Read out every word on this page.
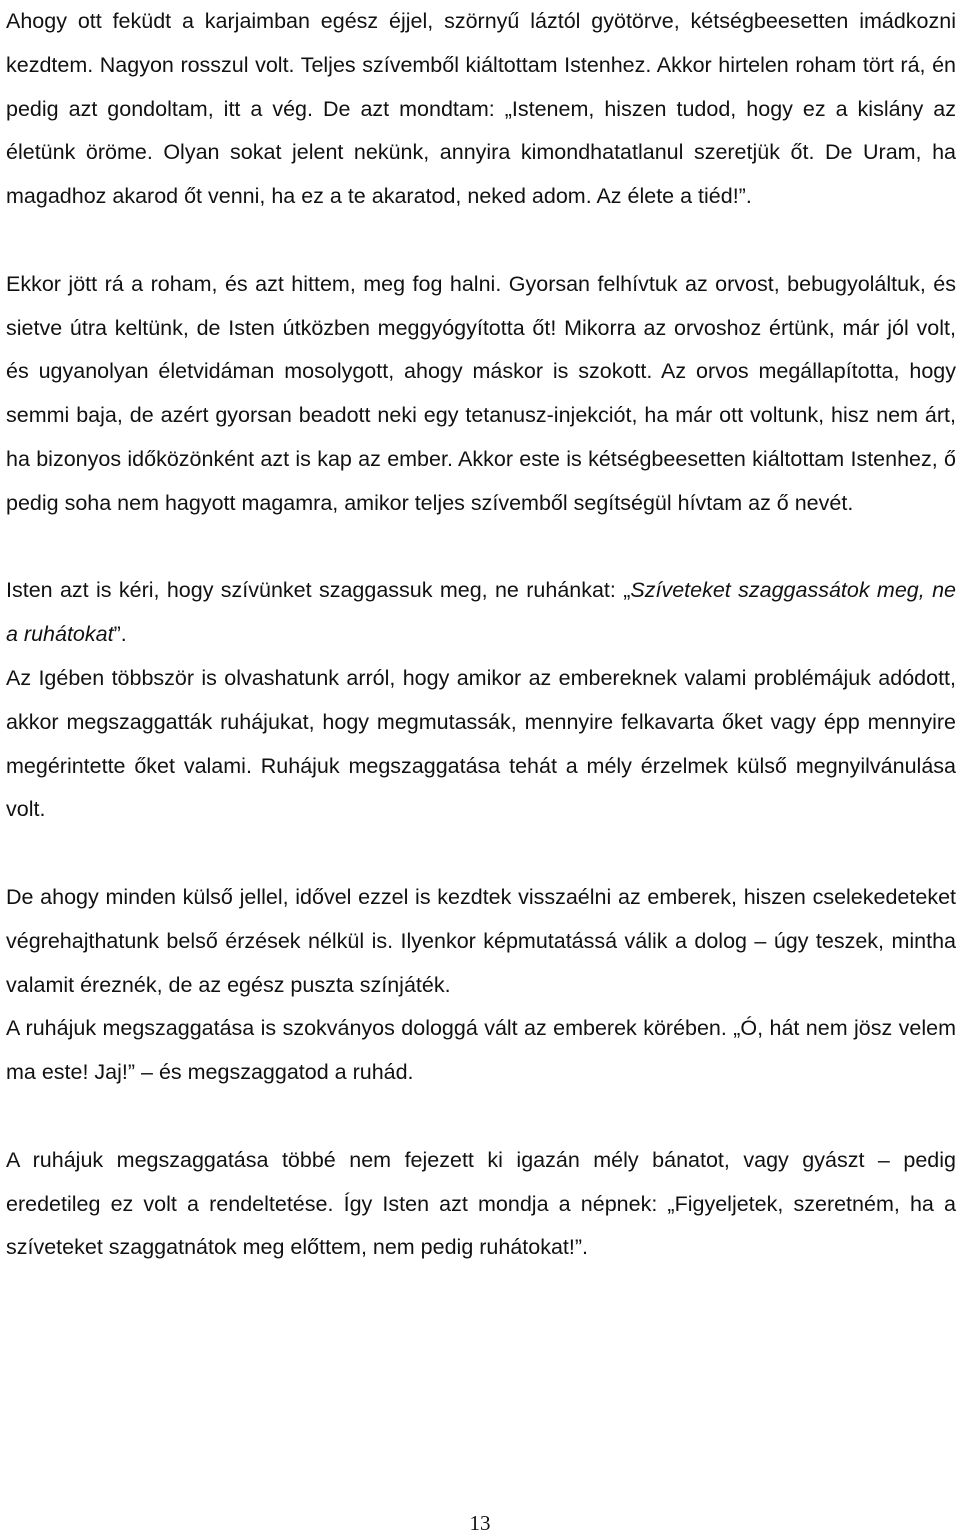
Ahogy ott feküdt a karjaimban egész éjjel, szörnyű láztól gyötörve, kétségbeesetten imádkozni kezdtem. Nagyon rosszul volt. Teljes szívemből kiáltottam Istenhez. Akkor hirtelen roham tört rá, én pedig azt gondoltam, itt a vég. De azt mondtam: „Istenem, hiszen tudod, hogy ez a kislány az életünk öröme. Olyan sokat jelent nekünk, annyira kimondhatatlanul szeretjük őt. De Uram, ha magadhoz akarod őt venni, ha ez a te akaratod, neked adom. Az élete a tiéd!”.

Ekkor jött rá a roham, és azt hittem, meg fog halni. Gyorsan felhívtuk az orvost, bebugyoláltuk, és sietve útra keltünk, de Isten útközben meggyógyította őt! Mikorra az orvoshoz értünk, már jól volt, és ugyanolyan életvidáman mosolygott, ahogy máskor is szokott. Az orvos megállapította, hogy semmi baja, de azért gyorsan beadott neki egy tetanusz-injekciót, ha már ott voltunk, hisz nem árt, ha bizonyos időközönként azt is kap az ember. Akkor este is kétségbeesetten kiáltottam Istenhez, ő pedig soha nem hagyott magamra, amikor teljes szívemből segítségül hívtam az ő nevét.

Isten azt is kéri, hogy szívünket szaggassuk meg, ne ruhánkat: „Szíveteket szaggassátok meg, ne a ruhátokat”.

Az Igében többször is olvashatunk arról, hogy amikor az embereknek valami problémájuk adódott, akkor megszaggatták ruhájukat, hogy megmutassák, mennyire felkavarta őket vagy épp mennyire megérintette őket valami. Ruhájuk megszaggatása tehát a mély érzelmek külső megnyilvánulása volt.

De ahogy minden külső jellel, idővel ezzel is kezdtek visszaélni az emberek, hiszen cselekedeteket végrehajthatunk belső érzések nélkül is. Ilyenkor képmutatássá válik a dolog – úgy teszek, mintha valamit éreznék, de az egész puszta színjáték.

A ruhájuk megszaggatása is szokványos dologgá vált az emberek körében. „Ó, hát nem jösz velem ma este! Jaj!” – és megszaggatod a ruhád.

A ruhájuk megszaggatása többé nem fejezett ki igazán mély bánatot, vagy gyászt – pedig eredetileg ez volt a rendeltetése. Így Isten azt mondja a népnek: „Figyeljetek, szeretném, ha a szíveteket szaggatnátok meg előttem, nem pedig ruhátokat!”.

13
